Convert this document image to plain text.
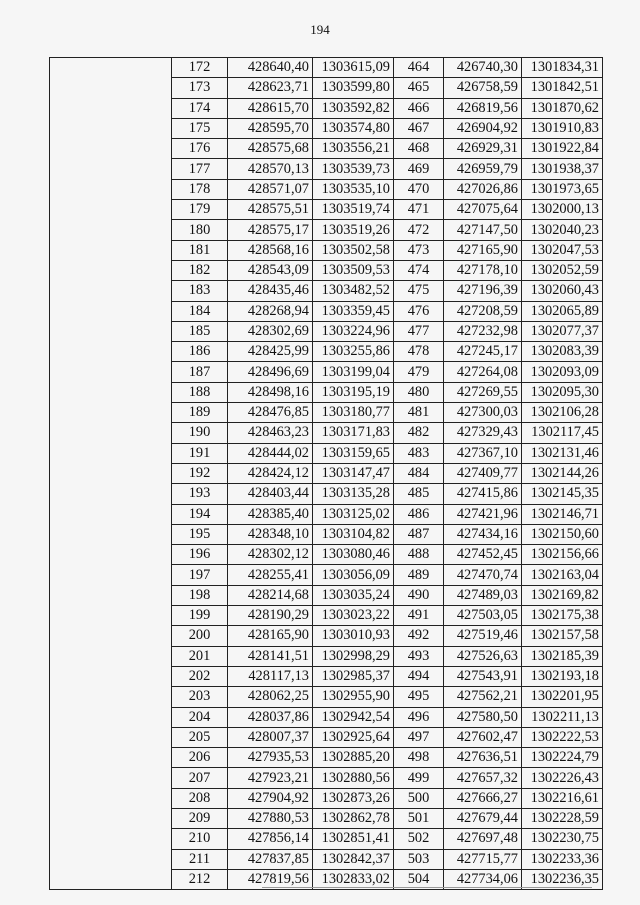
194
	172	428640,40	1303615,09	464	426740,30	1301834,31
	173	428623,71	1303599,80	465	426758,59	1301842,51
	174	428615,70	1303592,82	466	426819,56	1301870,62
	175	428595,70	1303574,80	467	426904,92	1301910,83
	176	428575,68	1303556,21	468	426929,31	1301922,84
	177	428570,13	1303539,73	469	426959,79	1301938,37
	178	428571,07	1303535,10	470	427026,86	1301973,65
	179	428575,51	1303519,74	471	427075,64	1302000,13
	180	428575,17	1303519,26	472	427147,50	1302040,23
	181	428568,16	1303502,58	473	427165,90	1302047,53
	182	428543,09	1303509,53	474	427178,10	1302052,59
	183	428435,46	1303482,52	475	427196,39	1302060,43
	184	428268,94	1303359,45	476	427208,59	1302065,89
	185	428302,69	1303224,96	477	427232,98	1302077,37
	186	428425,99	1303255,86	478	427245,17	1302083,39
	187	428496,69	1303199,04	479	427264,08	1302093,09
	188	428498,16	1303195,19	480	427269,55	1302095,30
	189	428476,85	1303180,77	481	427300,03	1302106,28
	190	428463,23	1303171,83	482	427329,43	1302117,45
	191	428444,02	1303159,65	483	427367,10	1302131,46
	192	428424,12	1303147,47	484	427409,77	1302144,26
	193	428403,44	1303135,28	485	427415,86	1302145,35
	194	428385,40	1303125,02	486	427421,96	1302146,71
	195	428348,10	1303104,82	487	427434,16	1302150,60
	196	428302,12	1303080,46	488	427452,45	1302156,66
	197	428255,41	1303056,09	489	427470,74	1302163,04
	198	428214,68	1303035,24	490	427489,03	1302169,82
	199	428190,29	1303023,22	491	427503,05	1302175,38
	200	428165,90	1303010,93	492	427519,46	1302157,58
	201	428141,51	1302998,29	493	427526,63	1302185,39
	202	428117,13	1302985,37	494	427543,91	1302193,18
	203	428062,25	1302955,90	495	427562,21	1302201,95
	204	428037,86	1302942,54	496	427580,50	1302211,13
	205	428007,37	1302925,64	497	427602,47	1302222,53
	206	427935,53	1302885,20	498	427636,51	1302224,79
	207	427923,21	1302880,56	499	427657,32	1302226,43
	208	427904,92	1302873,26	500	427666,27	1302216,61
	209	427880,53	1302862,78	501	427679,44	1302228,59
	210	427856,14	1302851,41	502	427697,48	1302230,75
	211	427837,85	1302842,37	503	427715,77	1302233,36
	212	427819,56	1302833,02	504	427734,06	1302236,35
